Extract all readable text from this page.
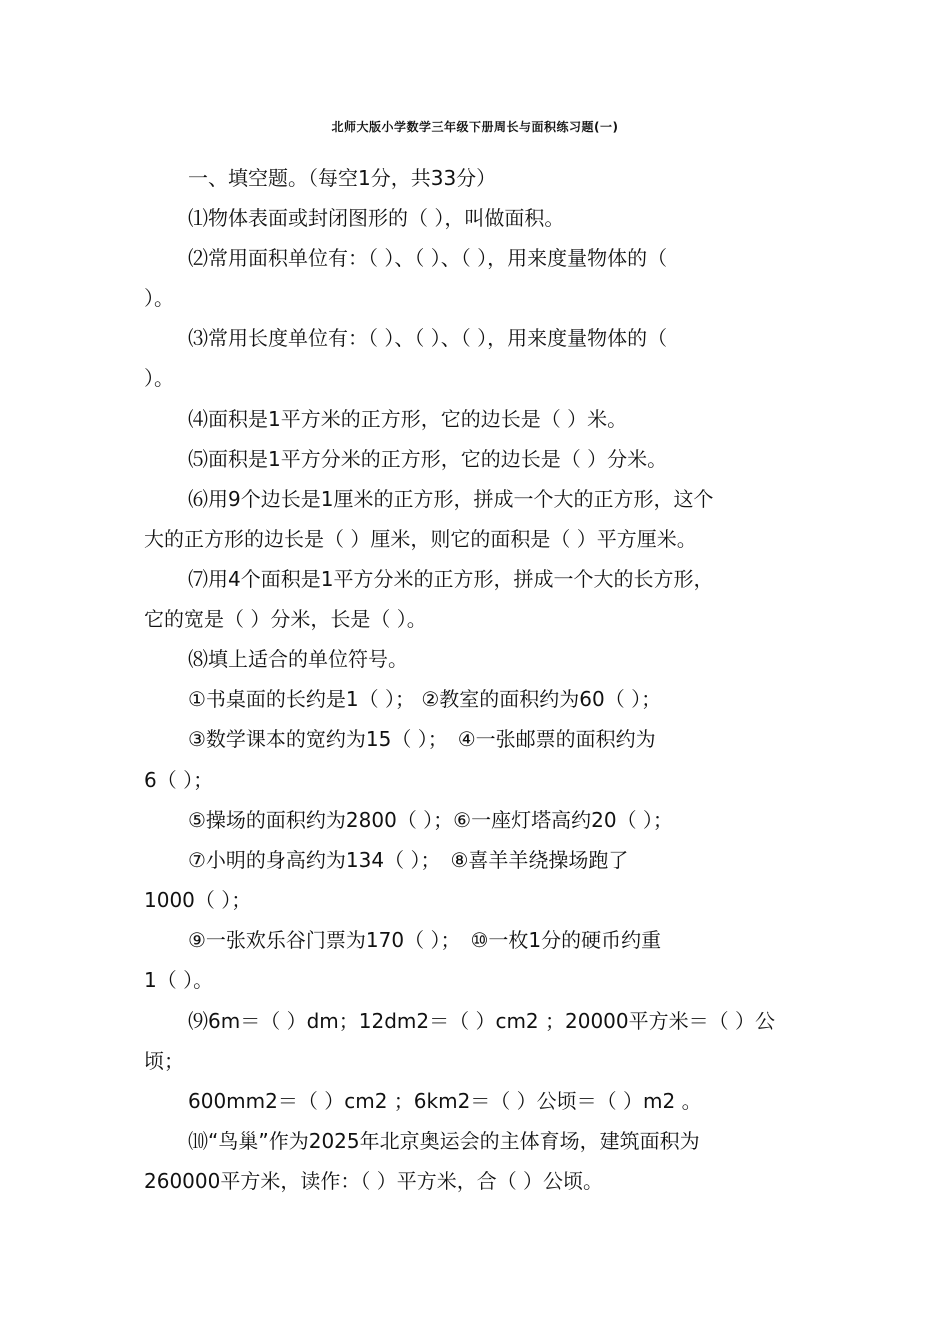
北师大版小学数学三年级下册周长与面积练习题(一)
一、填空题。（每空1分，共33分）
⑴物体表面或封闭图形的（ ），叫做面积。
⑵常用面积单位有：（ ）、（ ）、（ ），用来度量物体的（
）。
⑶常用长度单位有：（ ）、（ ）、（ ），用来度量物体的（
）。
⑷面积是1平方米的正方形，它的边长是（ ）米。
⑸面积是1平方分米的正方形，它的边长是（ ）分米。
⑹用9个边长是1厘米的正方形，拼成一个大的正方形，这个
大的正方形的边长是（ ）厘米，则它的面积是（ ）平方厘米。
⑺用4个面积是1平方分米的正方形，拼成一个大的长方形，
它的宽是（ ）分米，长是（ ）。
⑻填上适合的单位符号。
①书桌面的长约是1（ ）； ②教室的面积约为60（ ）；
③数学课本的宽约为15（ ）；　④一张邮票的面积约为
6（ ）；
⑤操场的面积约为2800（ ）；⑥一座灯塔高约20（ ）；
⑦小明的身高约为134（ ）；　⑧喜羊羊绕操场跑了
1000（ ）；
⑨一张欢乐谷门票为170（ ）；　⑩一枚1分的硬币约重
1（ ）。
⑼6m＝（ ）dm；12dm2＝（ ）cm2 ；20000平方米＝（ ）公
顷；
600mm2＝（ ）cm2 ；6km2＝（ ）公顷＝（ ）m2 。
⑽“鸟巢”作为2025年北京奥运会的主体育场，建筑面积为
260000平方米，读作：（ ）平方米，合（ ）公顷。
